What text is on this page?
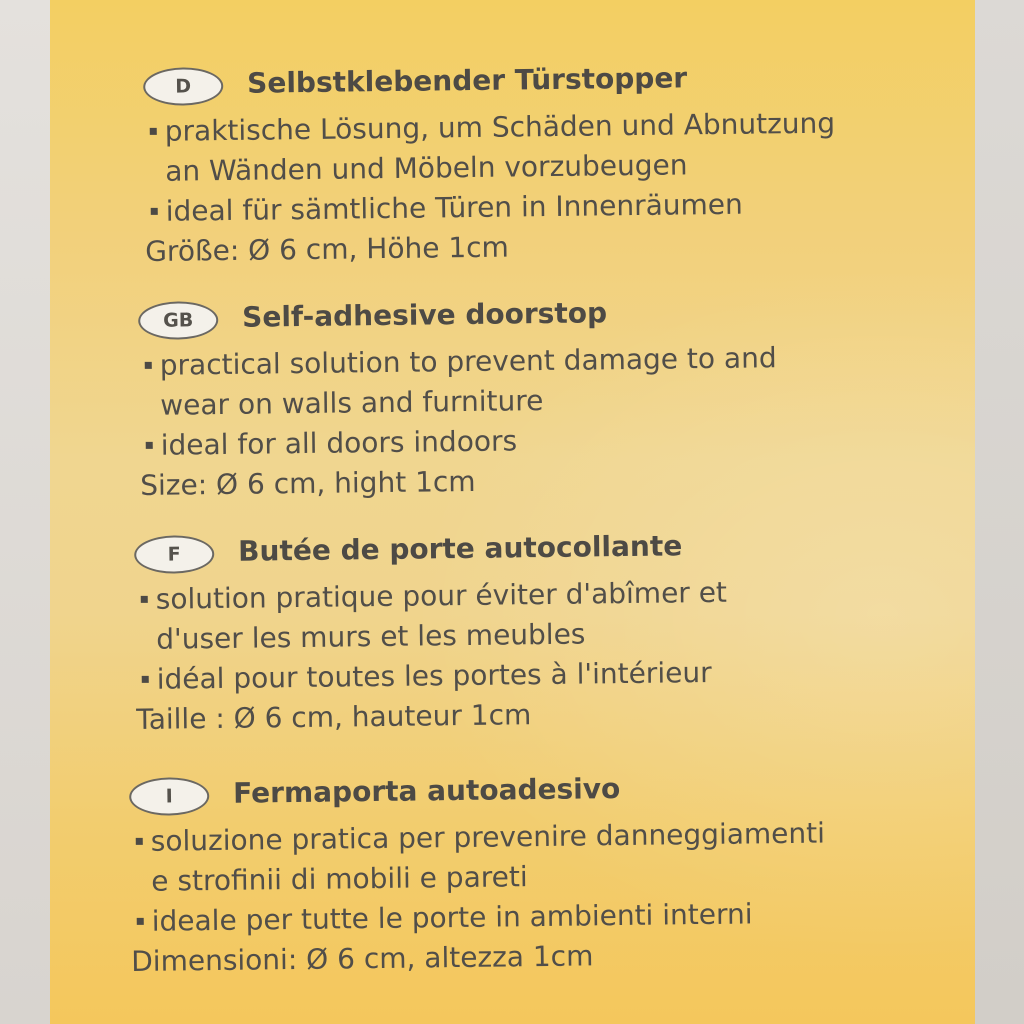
D	Selbstklebender Türstopper
praktische Lösung, um Schäden und Abnutzung
an Wänden und Möbeln vorzubeugen
ideal für sämtliche Türen in Innenräumen
Größe: Ø 6 cm, Höhe 1cm
GB	Self-adhesive doorstop
practical solution to prevent damage to and
wear on walls and furniture
ideal for all doors indoors
Size: Ø 6 cm, hight 1cm
F	Butée de porte autocollante
solution pratique pour éviter d'abîmer et
d'user les murs et les meubles
idéal pour toutes les portes à l'intérieur
Taille : Ø 6 cm, hauteur 1cm
I	Fermaporta autoadesivo
soluzione pratica per prevenire danneggiamenti
e strofinii di mobili e pareti
ideale per tutte le porte in ambienti interni
Dimensioni: Ø 6 cm, altezza 1cm
